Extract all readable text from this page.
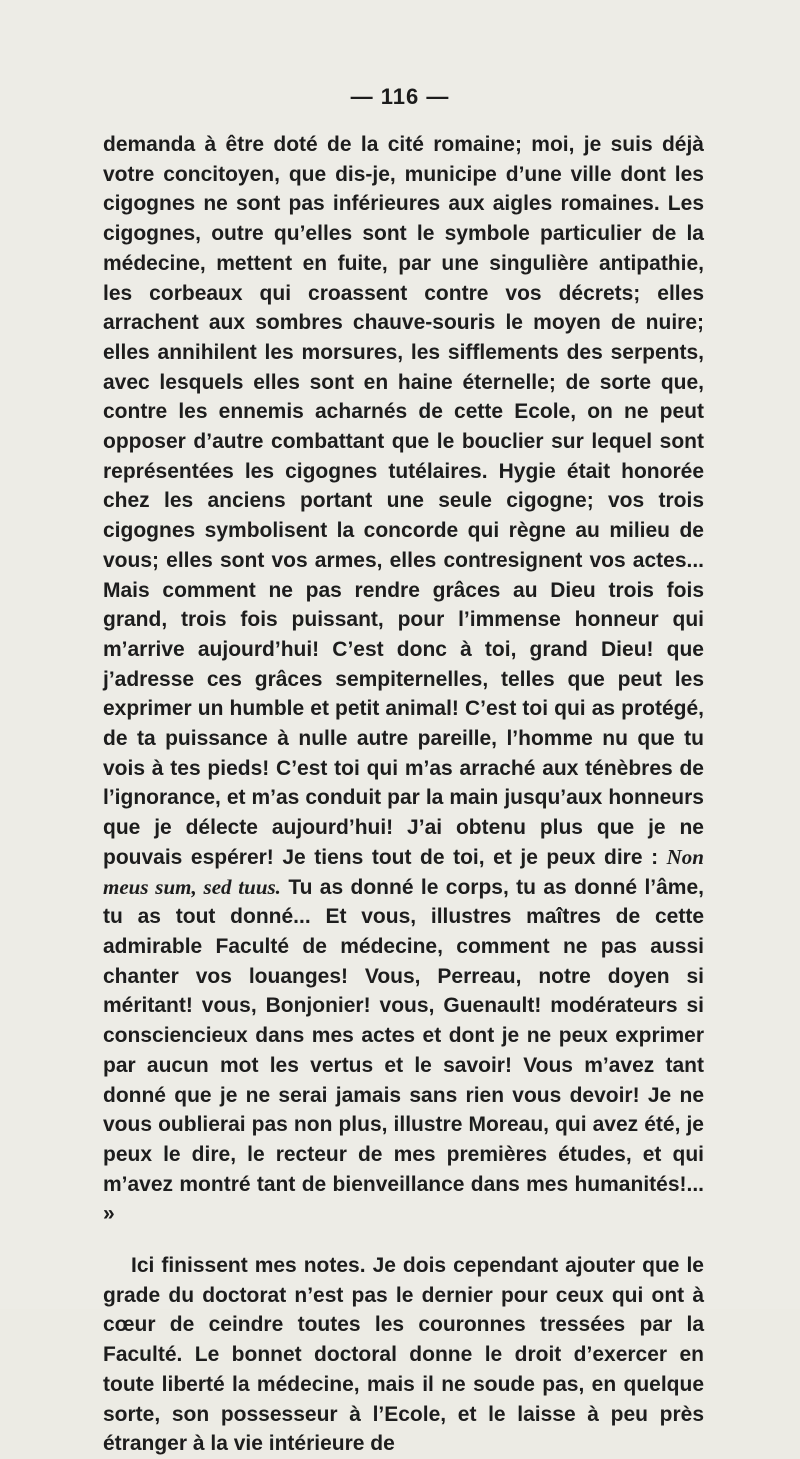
— 116 —

demanda à être doté de la cité romaine; moi, je suis déjà votre concitoyen, que dis-je, municipe d’une ville dont les cigognes ne sont pas inférieures aux aigles romaines. Les cigognes, outre qu’elles sont le symbole particulier de la médecine, mettent en fuite, par une singulière antipathie, les corbeaux qui croassent contre vos décrets; elles arrachent aux sombres chauve-souris le moyen de nuire; elles annihilent les morsures, les sifflements des serpents, avec lesquels elles sont en haine éternelle; de sorte que, contre les ennemis acharnés de cette Ecole, on ne peut opposer d’autre combattant que le bouclier sur lequel sont représentées les cigognes tutélaires. Hygie était honorée chez les anciens portant une seule cigogne; vos trois cigognes symbolisent la concorde qui règne au milieu de vous; elles sont vos armes, elles contresignent vos actes... Mais comment ne pas rendre grâces au Dieu trois fois grand, trois fois puissant, pour l’immense honneur qui m’arrive aujourd’hui! C’est donc à toi, grand Dieu! que j’adresse ces grâces sempiternelles, telles que peut les exprimer un humble et petit animal! C’est toi qui as protégé, de ta puissance à nulle autre pareille, l’homme nu que tu vois à tes pieds! C’est toi qui m’as arraché aux ténèbres de l’ignorance, et m’as conduit par la main jusqu’aux honneurs que je délecte aujourd’hui! J’ai obtenu plus que je ne pouvais espérer! Je tiens tout de toi, et je peux dire : Non meus sum, sed tuus. Tu as donné le corps, tu as donné l’âme, tu as tout donné... Et vous, illustres maîtres de cette admirable Faculté de médecine, comment ne pas aussi chanter vos louanges! Vous, Perreau, notre doyen si méritant! vous, Bonjonier! vous, Guenault! modérateurs si consciencieux dans mes actes et dont je ne peux exprimer par aucun mot les vertus et le savoir! Vous m’avez tant donné que je ne serai jamais sans rien vous devoir! Je ne vous oublierai pas non plus, illustre Moreau, qui avez été, je peux le dire, le recteur de mes premières études, et qui m’avez montré tant de bienveillance dans mes humanités!... »

Ici finissent mes notes. Je dois cependant ajouter que le grade du doctorat n’est pas le dernier pour ceux qui ont à cœur de ceindre toutes les couronnes tressées par la Faculté. Le bonnet doctoral donne le droit d’exercer en toute liberté la médecine, mais il ne soude pas, en quelque sorte, son possesseur à l’Ecole, et le laisse à peu près étranger à la vie intérieure de
